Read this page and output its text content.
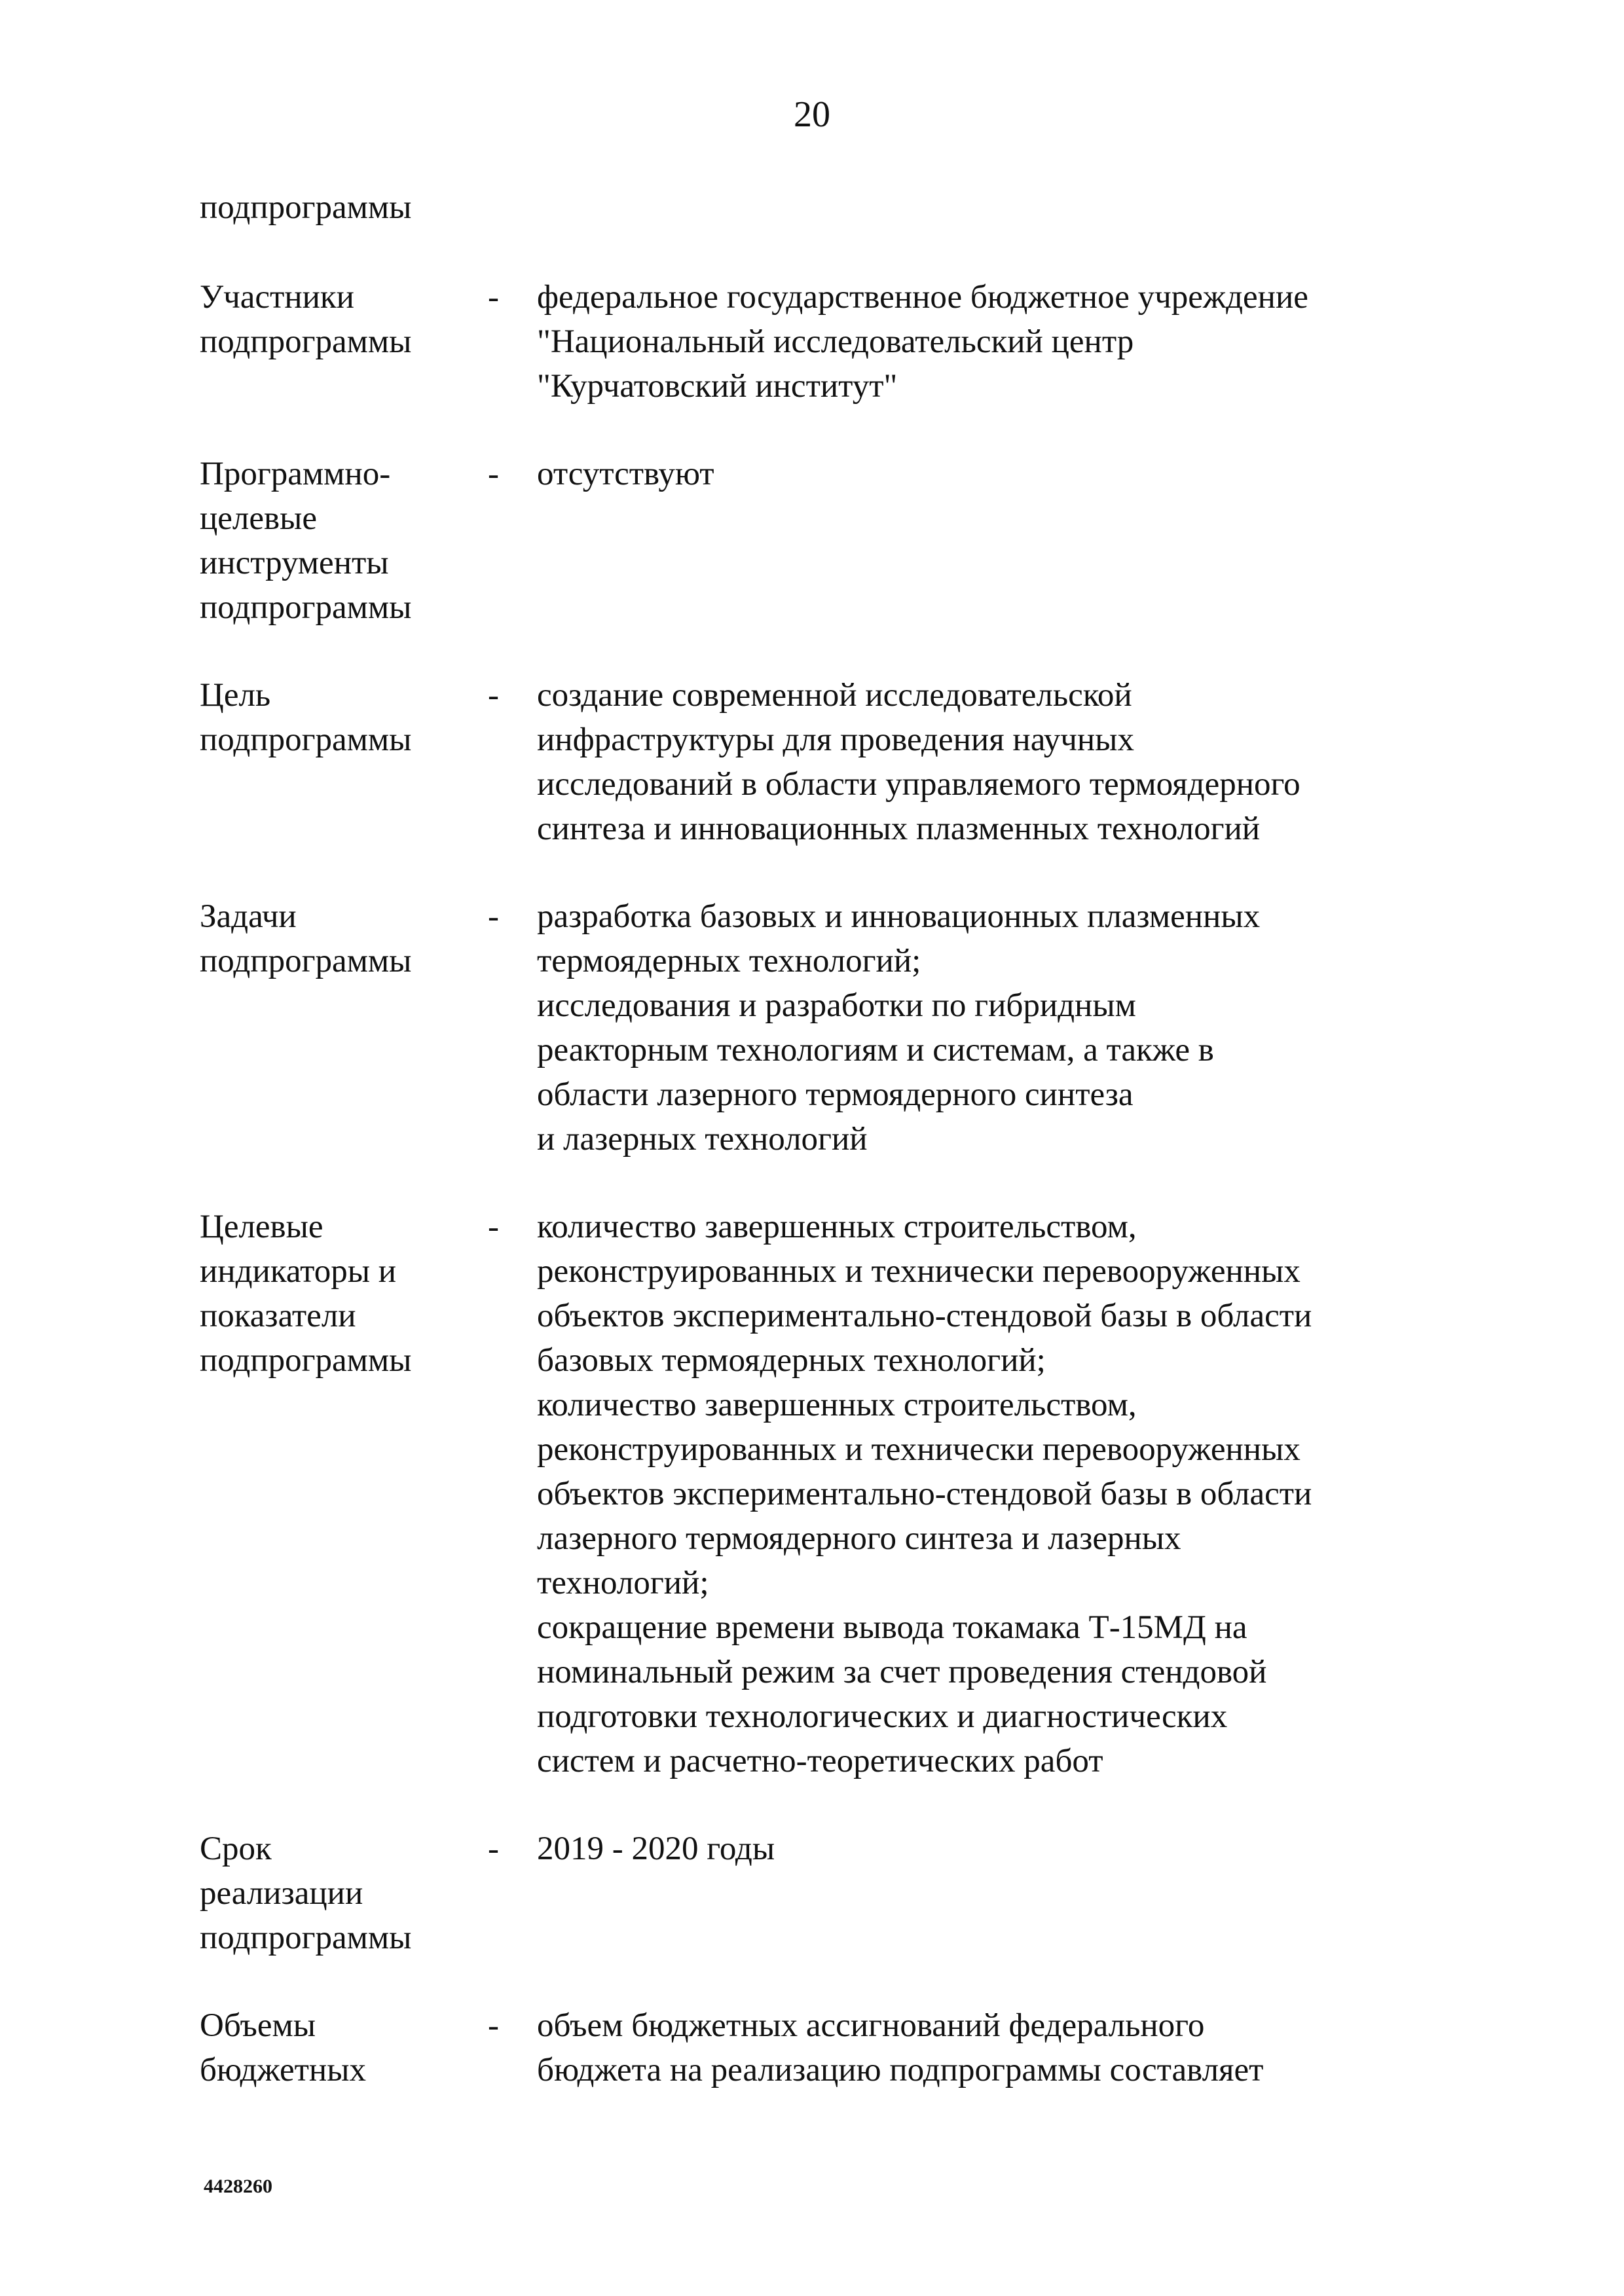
20
подпрограммы
Участники
подпрограммы
-	федеральное государственное бюджетное учреждение
"Национальный исследовательский центр
"Курчатовский институт"
Программно-
целевые
инструменты
подпрограммы
-	отсутствуют
Цель
подпрограммы
-	создание современной исследовательской
инфраструктуры для проведения научных
исследований в области управляемого термоядерного
синтеза и инновационных плазменных технологий
Задачи
подпрограммы
-	разработка базовых и инновационных плазменных
термоядерных технологий;
исследования и разработки по гибридным
реакторным технологиям и системам, а также в
области лазерного термоядерного синтеза
и лазерных технологий
Целевые
индикаторы и
показатели
подпрограммы
-	количество завершенных строительством,
реконструированных и технически перевооруженных
объектов экспериментально-стендовой базы в области
базовых термоядерных технологий;
количество завершенных строительством,
реконструированных и технически перевооруженных
объектов экспериментально-стендовой базы в области
лазерного термоядерного синтеза и лазерных
технологий;
сокращение времени вывода токамака Т-15МД на
номинальный режим за счет проведения стендовой
подготовки технологических и диагностических
систем и расчетно-теоретических работ
Срок
реализации
подпрограммы
-	2019 - 2020 годы
Объемы
бюджетных
-	объем бюджетных ассигнований федерального
бюджета на реализацию подпрограммы составляет
4428260
